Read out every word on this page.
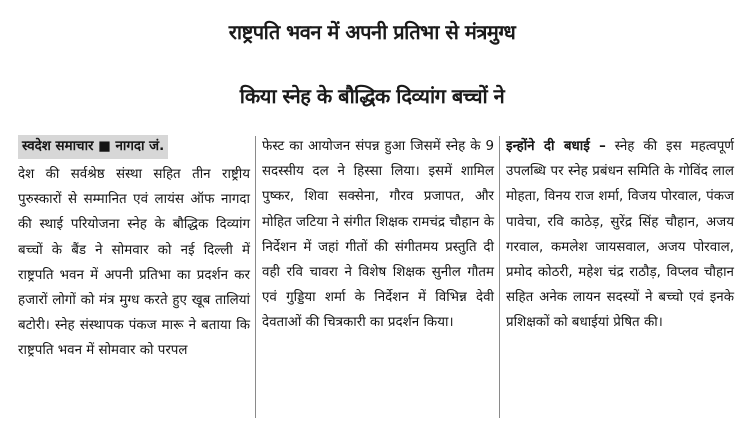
राष्ट्रपति भवन में अपनी प्रतिभा से मंत्रमुग्ध
किया स्नेह के बौद्धिक दिव्यांग बच्चों ने
स्वदेश समाचार ■ नागदा जं.

देश की सर्वश्रेष्ठ संस्था सहित तीन राष्ट्रीय पुरुस्कारों से सम्मानित एवं लायंस ऑफ नागदा की स्थाई परियोजना स्नेह के बौद्धिक दिव्यांग बच्चों के बैंड ने सोमवार को नई दिल्ली में राष्ट्रपति भवन में अपनी प्रतिभा का प्रदर्शन कर हजारों लोगों को मंत्र मुग्ध करते हुए खूब तालियां बटोरी। स्नेह संस्थापक पंकज मारू ने बताया कि राष्ट्रपति भवन में सोमवार को परपल

फेस्ट का आयोजन संपन्न हुआ जिसमें स्नेह के 9 सदस्सीय दल ने हिस्सा लिया। इसमें शामिल पुष्कर, शिवा सक्सेना, गौरव प्रजापत, और मोहित जटिया ने संगीत शिक्षक रामचंद्र चौहान के निर्देशन में जहां गीतों की संगीतमय प्रस्तुति दी वही रवि चावरा ने विशेष शिक्षक सुनील गौतम एवं गुड्डिया शर्मा के निर्देशन में विभिन्न देवी देवताओं की चित्रकारी का प्रदर्शन किया।

इन्होंने दी बधाई – स्नेह की इस महत्वपूर्ण उपलब्धि पर स्नेह प्रबंधन समिति के गोविंद लाल मोहता, विनय राज शर्मा, विजय पोरवाल, पंकज पावेचा, रवि काठेड़, सुरेंद्र सिंह चौहान, अजय गरवाल, कमलेश जायसवाल, अजय पोरवाल, प्रमोद कोठरी, महेश चंद्र राठौड़, विप्लव चौहान सहित अनेक लायन सदस्यों ने बच्चो एवं इनके प्रशिक्षकों को बधाईयां प्रेषित की।
